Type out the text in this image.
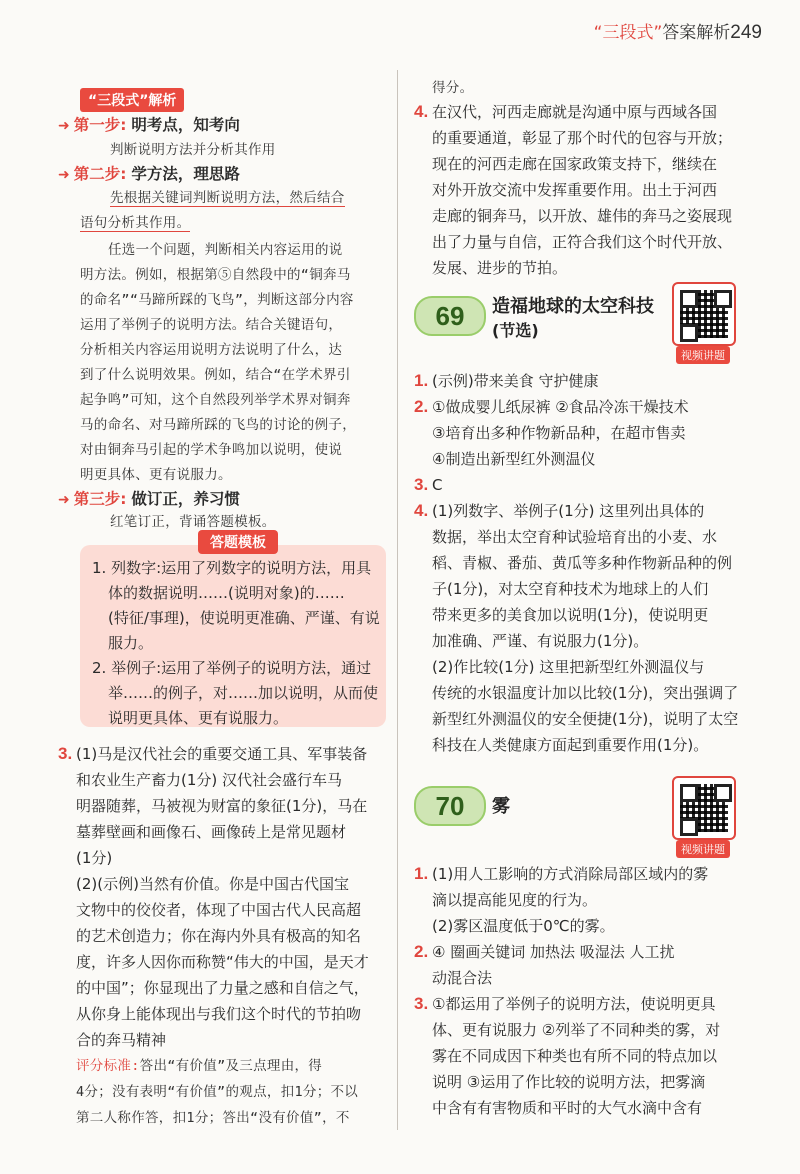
“三段式”答案解析249
“三段式”解析
➜ 第一步: 明考点，知考向
判断说明方法并分析其作用
➜ 第二步: 学方法，理思路
先根据关键词判断说明方法，然后结合
语句分析其作用。
任选一个问题，判断相关内容运用的说
明方法。例如，根据第⑤自然段中的“铜奔马
的命名”“马蹄所踩的飞鸟”，判断这部分内容
运用了举例子的说明方法。结合关键语句，
分析相关内容运用说明方法说明了什么，达
到了什么说明效果。例如，结合“在学术界引
起争鸣”可知，这个自然段列举学术界对铜奔
马的命名、对马蹄所踩的飞鸟的讨论的例子，
对由铜奔马引起的学术争鸣加以说明，使说
明更具体、更有说服力。
➜ 第三步: 做订正，养习惯
红笔订正，背诵答题模板。
答题模板
1. 列数字:运用了列数字的说明方法，用具
体的数据说明……(说明对象)的……
(特征/事理)，使说明更准确、严谨、有说
服力。
2. 举例子:运用了举例子的说明方法，通过
举……的例子，对……加以说明，从而使
说明更具体、更有说服力。
3. (1)马是汉代社会的重要交通工具、军事装备
和农业生产畜力(1分) 汉代社会盛行车马
明器随葬，马被视为财富的象征(1分)，马在
墓葬壁画和画像石、画像砖上是常见题材
(1分)
(2)(示例)当然有价值。你是中国古代国宝
文物中的佼佼者，体现了中国古代人民高超
的艺术创造力；你在海内外具有极高的知名
度，许多人因你而称赞“伟大的中国，是天才
的中国”；你显现出了力量之感和自信之气，
从你身上能体现出与我们这个时代的节拍吻
合的奔马精神
评分标准:答出“有价值”及三点理由，得
4分；没有表明“有价值”的观点，扣1分；不以
第二人称作答，扣1分；答出“没有价值”，不
得分。
4. 在汉代，河西走廊就是沟通中原与西域各国
的重要通道，彰显了那个时代的包容与开放；
现在的河西走廊在国家政策支持下，继续在
对外开放交流中发挥重要作用。出土于河西
走廊的铜奔马，以开放、雄伟的奔马之姿展现
出了力量与自信，正符合我们这个时代开放、
发展、进步的节拍。
69	造福地球的太空科技
(节选)
视频讲题
1. (示例)带来美食 守护健康
2. ①做成婴儿纸尿裤 ②食品冷冻干燥技术
③培育出多种作物新品种，在超市售卖
④制造出新型红外测温仪
3. C
4. (1)列数字、举例子(1分) 这里列出具体的
数据，举出太空育种试验培育出的小麦、水
稻、青椒、番茄、黄瓜等多种作物新品种的例
子(1分)，对太空育种技术为地球上的人们
带来更多的美食加以说明(1分)，使说明更
加准确、严谨、有说服力(1分)。
(2)作比较(1分) 这里把新型红外测温仪与
传统的水银温度计加以比较(1分)，突出强调了
新型红外测温仪的安全便捷(1分)，说明了太空
科技在人类健康方面起到重要作用(1分)。
70	雾
视频讲题
1. (1)用人工影响的方式消除局部区域内的雾
滴以提高能见度的行为。
(2)雾区温度低于0℃的雾。
2. ④ 圈画关键词 加热法 吸湿法 人工扰
动混合法
3. ①都运用了举例子的说明方法，使说明更具
体、更有说服力 ②列举了不同种类的雾，对
雾在不同成因下种类也有所不同的特点加以
说明 ③运用了作比较的说明方法，把雾滴
中含有有害物质和平时的大气水滴中含有
